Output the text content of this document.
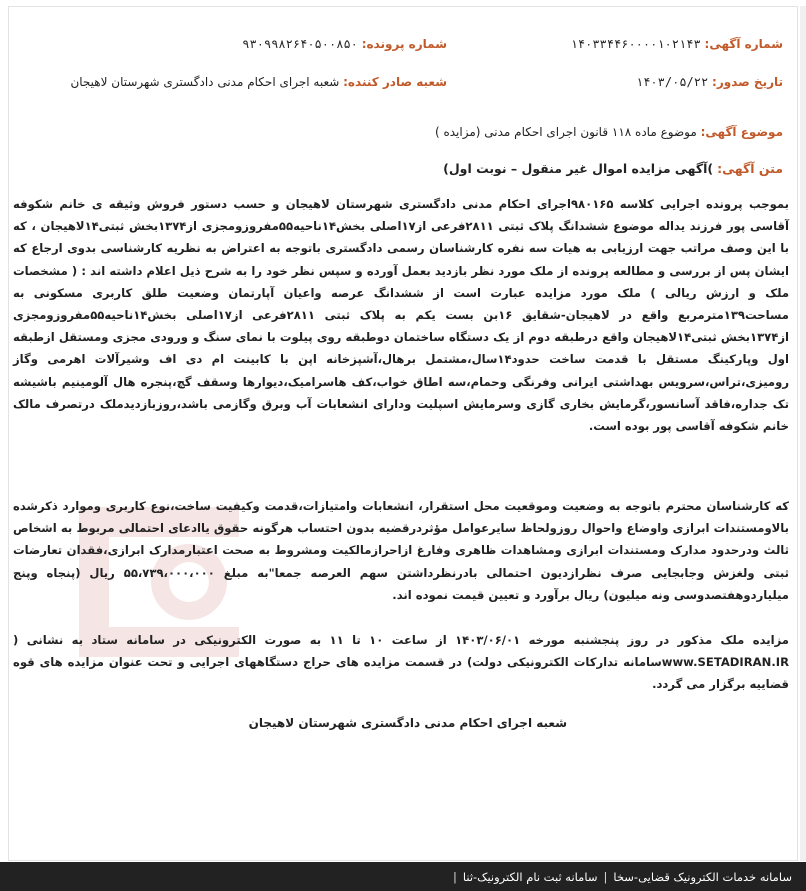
شماره آگهی: ۱۴۰۳۳۴۴۶۰۰۰۰۱۰۲۱۴۳
شماره پرونده: ۹۳۰۹۹۸۲۶۴۰۵۰۰۸۵۰
تاریخ صدور: ۱۴۰۳/۰۵/۲۲
شعبه صادر کننده: شعبه اجرای احکام مدنی دادگستری شهرستان لاهیجان
موضوع آگهی: موضوع ماده ۱۱۸ قانون اجرای احکام مدنی (مزایده )
متن آگهی: )آگهی مزایده اموال غیر منقول – نوبت اول)

بموجب پرونده اجرایی کلاسه ۹۸۰۱۶۵اجرای احکام مدنی دادگستری شهرستان لاهیجان و حسب دستور فروش وثیقه ی خانم شکوفه آقاسی پور فرزند یداله موضوع ششدانگ پلاک ثبتی ۲۸۱۱فرعی از۱۷اصلی بخش۱۴ناحیه۵۵مفروزومجزی از۱۳۷۴بخش ثبتی۱۴لاهیجان ، که با این وصف مراتب جهت ارزیابی به هیات سه نفره کارشناسان رسمی دادگستری باتوجه به اعتراض به نظریه کارشناسی بدوی ارجاع که ایشان پس از بررسی و مطالعه پرونده از ملک مورد نظر بازدید بعمل آورده و سپس نظر خود را به شرح ذیل اعلام داشته اند : ( مشخصات ملک و ارزش ریالی ) ملک مورد مزایده عبارت است از ششدانگ عرصه واعیان آپارتمان وضعیت طلق کاربری مسکونی به مساحت۱۳۹مترمربع واقع در لاهیجان-شقایق ۱۶بن بست یکم به پلاک ثبتی ۲۸۱۱فرعی از۱۷اصلی بخش۱۴ناحیه۵۵مفروزومجزی از۱۳۷۴بخش ثبتی۱۴لاهیجان واقع درطبقه دوم از یک دستگاه ساختمان دوطبقه روی پیلوت با نمای سنگ و ورودی مجزی ومستقل ازطبقه اول وپارکینگ مستقل با قدمت ساخت حدود۱۴سال،مشتمل برهال،آشپزخانه اپن با کابینت ام دی اف وشیرآلات اهرمی وگاز رومیزی،تراس،سرویس بهداشتی ایرانی وفرنگی وحمام،سه اطاق خواب،کف هاسرامیک،دیوارها وسقف گچ،پنجره هال آلومینیم باشیشه تک جداره،فاقد آسانسور،گرمایش بخاری گازی وسرمایش اسپلیت ودارای انشعابات آب وبرق وگازمی باشد،روزبازدیدملک درتصرف مالک خانم شکوفه آقاسی پور بوده است.

که کارشناسان محترم باتوجه به وضعیت وموقعیت محل استقرار، انشعابات وامتیازات،قدمت وکیفیت ساخت،نوع کاربری وموارد ذکرشده بالاومستندات ابرازی واوضاع واحوال روزولحاظ سایرعوامل مؤثردرقضیه بدون احتساب هرگونه حقوق یاادعای احتمالی مربوط به اشخاص ثالث ودرحدود مدارک ومستندات ابرازی ومشاهدات ظاهری وفارغ ازاحرازمالکیت ومشروط به صحت اعتبارمدارک ابرازی،فقدان تعارضات ثبتی ولغزش وجابجایی صرف نظرازدیون احتمالی بادرنظرداشتن سهم العرصه جمعا"به مبلغ ۵۵،۷۳۹،۰۰۰،۰۰۰ ریال (پنجاه وپنج میلیاردوهفتصدوسی ونه میلیون) ریال برآورد و تعیین قیمت نموده اند.

مزایده ملک مذکور در روز پنجشنبه مورخه ۱۴۰۳/۰۶/۰۱ از ساعت ۱۰ تا ۱۱ به صورت الکترونیکی در سامانه ستاد به نشانی ( www.SETADIRAN.IRسامانه تدارکات الکترونیکی دولت) در قسمت مزایده های حراج دستگاههای اجرایی و تحت عنوان مزایده های قوه قضاییه برگزار می گردد.

شعبه اجرای احکام مدنی دادگستری شهرستان لاهیجان
سامانه خدمات الکترونیک قضایی-سخا
|
سامانه ثبت نام الکترونیک-ثنا
|
